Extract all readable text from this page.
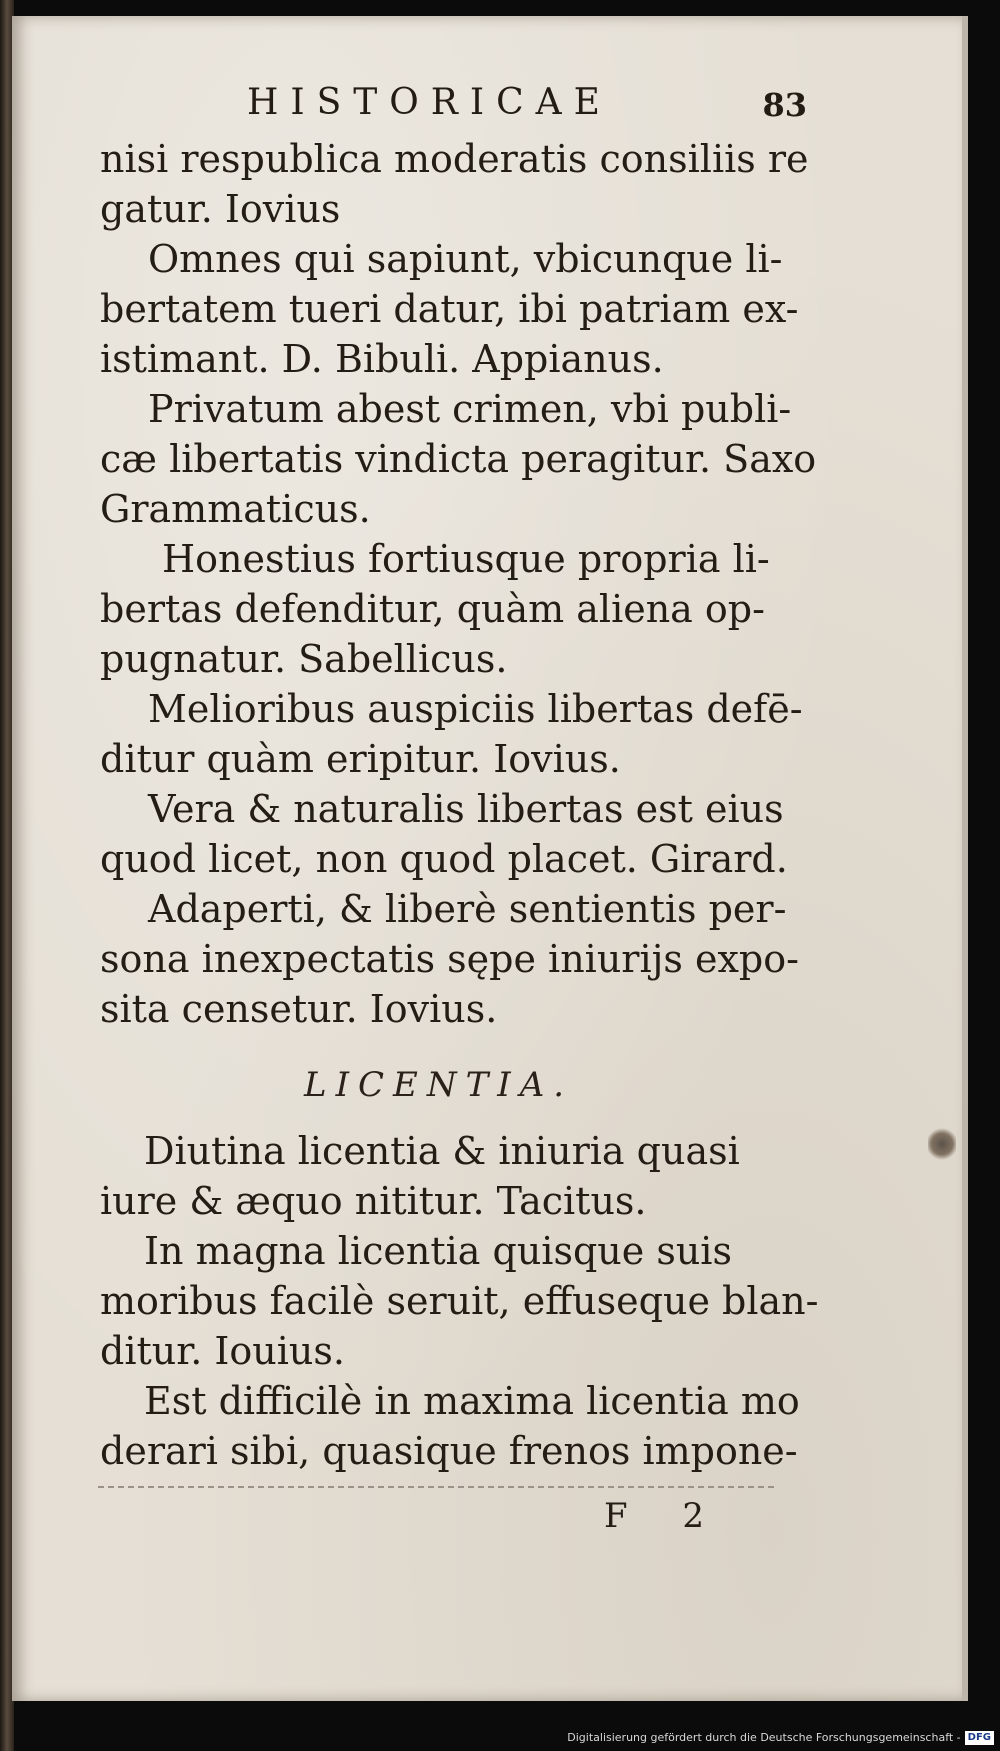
HISTORICAE	83
nisi respublica moderatis consiliis re
gatur. Iovius
Omnes qui sapiunt, vbicunque li-
bertatem tueri datur, ibi patriam ex-
istimant. D. Bibuli. Appianus.
Privatum abest crimen, vbi publi-
cæ libertatis vindicta peragitur. Saxo
Grammaticus.
Honestius fortiusque propria li-
bertas defenditur, quàm aliena op-
pugnatur. Sabellicus.
Melioribus auspiciis libertas defē-
ditur quàm eripitur. Iovius.
Vera & naturalis libertas est eius
quod licet, non quod placet. Girard.
Adaperti, & liberè sentientis per-
sona inexpectatis sępe iniurijs expo-
sita censetur. Iovius.
LICENTIA.
Diutina licentia & iniuria quasi
iure & æquo nititur. Tacitus.
In magna licentia quisque suis
moribus facilè seruit, effuseque blan-
ditur. Iouius.
Est difficilè in maxima licentia mo
derari sibi, quasique frenos impone-
F 2
Digitalisierung gefördert durch die Deutsche Forschungsgemeinschaft - DFG
